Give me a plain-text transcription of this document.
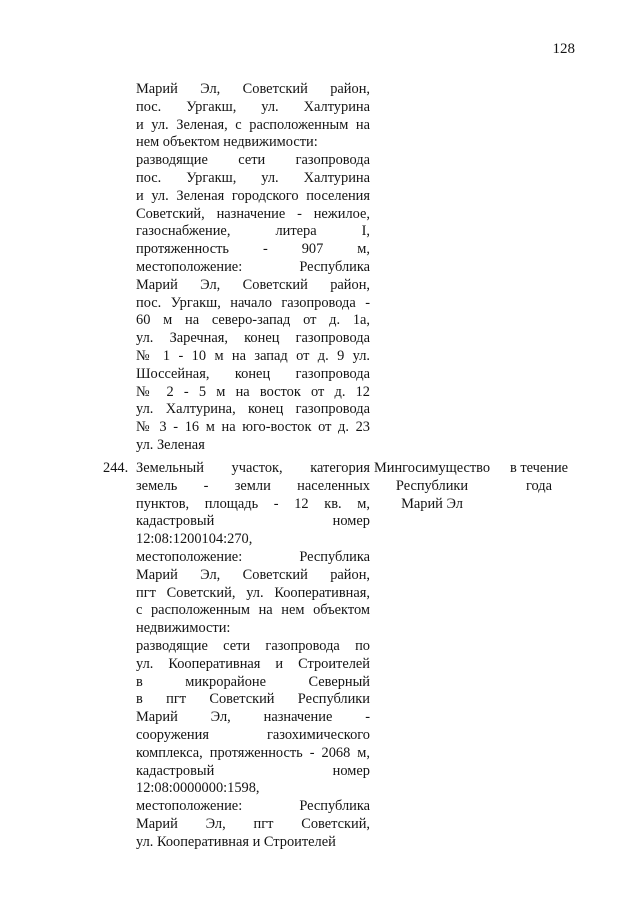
128
Марий Эл, Советский район,
пос. Ургакш, ул. Халтурина
и ул. Зеленая, с расположенным на
нем объектом недвижимости:
разводящие сети газопровода
пос. Ургакш, ул. Халтурина
и ул. Зеленая городского поселения
Советский, назначение - нежилое,
газоснабжение, литера I,
протяженность - 907 м,
местоположение: Республика
Марий Эл, Советский район,
пос. Ургакш, начало газопровода -
60 м на северо-запад от д. 1а,
ул. Заречная, конец газопровода
№ 1 - 10 м на запад от д. 9 ул.
Шоссейная, конец газопровода
№ 2 - 5 м на восток от д. 12
ул. Халтурина, конец газопровода
№ 3 - 16 м на юго-восток от д. 23
ул. Зеленая
244. Земельный участок, категория
земель - земли населенных
пунктов, площадь - 12 кв. м,
кадастровый номер
12:08:1200104:270,
местоположение: Республика
Марий Эл, Советский район,
пгт Советский, ул. Кооперативная,
с расположенным на нем объектом
недвижимости:
разводящие сети газопровода по
ул. Кооперативная и Строителей
в микрорайоне Северный
в пгт Советский Республики
Марий Эл, назначение -
сооружения газохимического
комплекса, протяженность - 2068 м,
кадастровый номер
12:08:0000000:1598,
местоположение: Республика
Марий Эл, пгт Советский,
ул. Кооперативная и Строителей
Мингосимущество
Республики
Марий Эл
в течение
года
